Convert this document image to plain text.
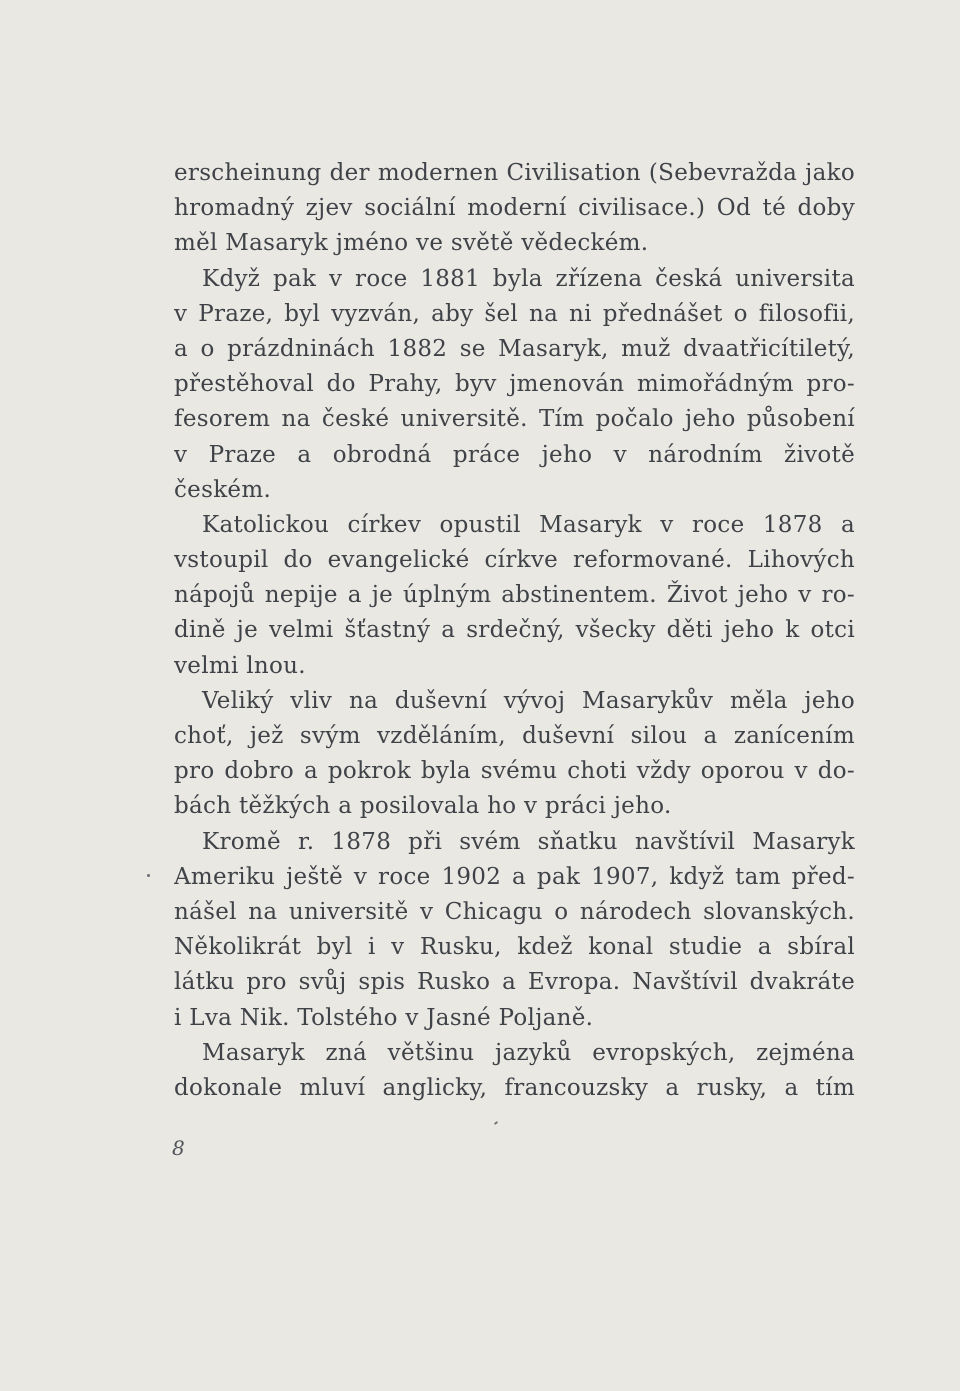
erscheinung der modernen Civilisation (Sebevražda jako
hromadný zjev sociální moderní civilisace.) Od té doby
měl Masaryk jméno ve světě vědeckém.
Když pak v roce 1881 byla zřízena česká universita
v Praze, byl vyzván, aby šel na ni přednášet o filosofii,
a o prázdninách 1882 se Masaryk, muž dvaatřicítiletý,
přestěhoval do Prahy, byv jmenován mimořádným pro-
fesorem na české universitě. Tím počalo jeho působení
v Praze a obrodná práce jeho v národním životě
českém.
Katolickou církev opustil Masaryk v roce 1878 a
vstoupil do evangelické církve reformované. Lihových
nápojů nepije a je úplným abstinentem. Život jeho v ro-
dině je velmi šťastný a srdečný, všecky děti jeho k otci
velmi lnou.
Veliký vliv na duševní vývoj Masarykův měla jeho
choť, jež svým vzděláním, duševní silou a zanícením
pro dobro a pokrok byla svému choti vždy oporou v do-
bách těžkých a posilovala ho v práci jeho.
Kromě r. 1878 při svém sňatku navštívil Masaryk
Ameriku ještě v roce 1902 a pak 1907, když tam před-
nášel na universitě v Chicagu o národech slovanských.
Několikrát byl i v Rusku, kdež konal studie a sbíral
látku pro svůj spis Rusko a Evropa. Navštívil dvakráte
i Lva Nik. Tolstého v Jasné Poljaně.
Masaryk zná většinu jazyků evropských, zejména
dokonale mluví anglicky, francouzsky a rusky, a tím
8
